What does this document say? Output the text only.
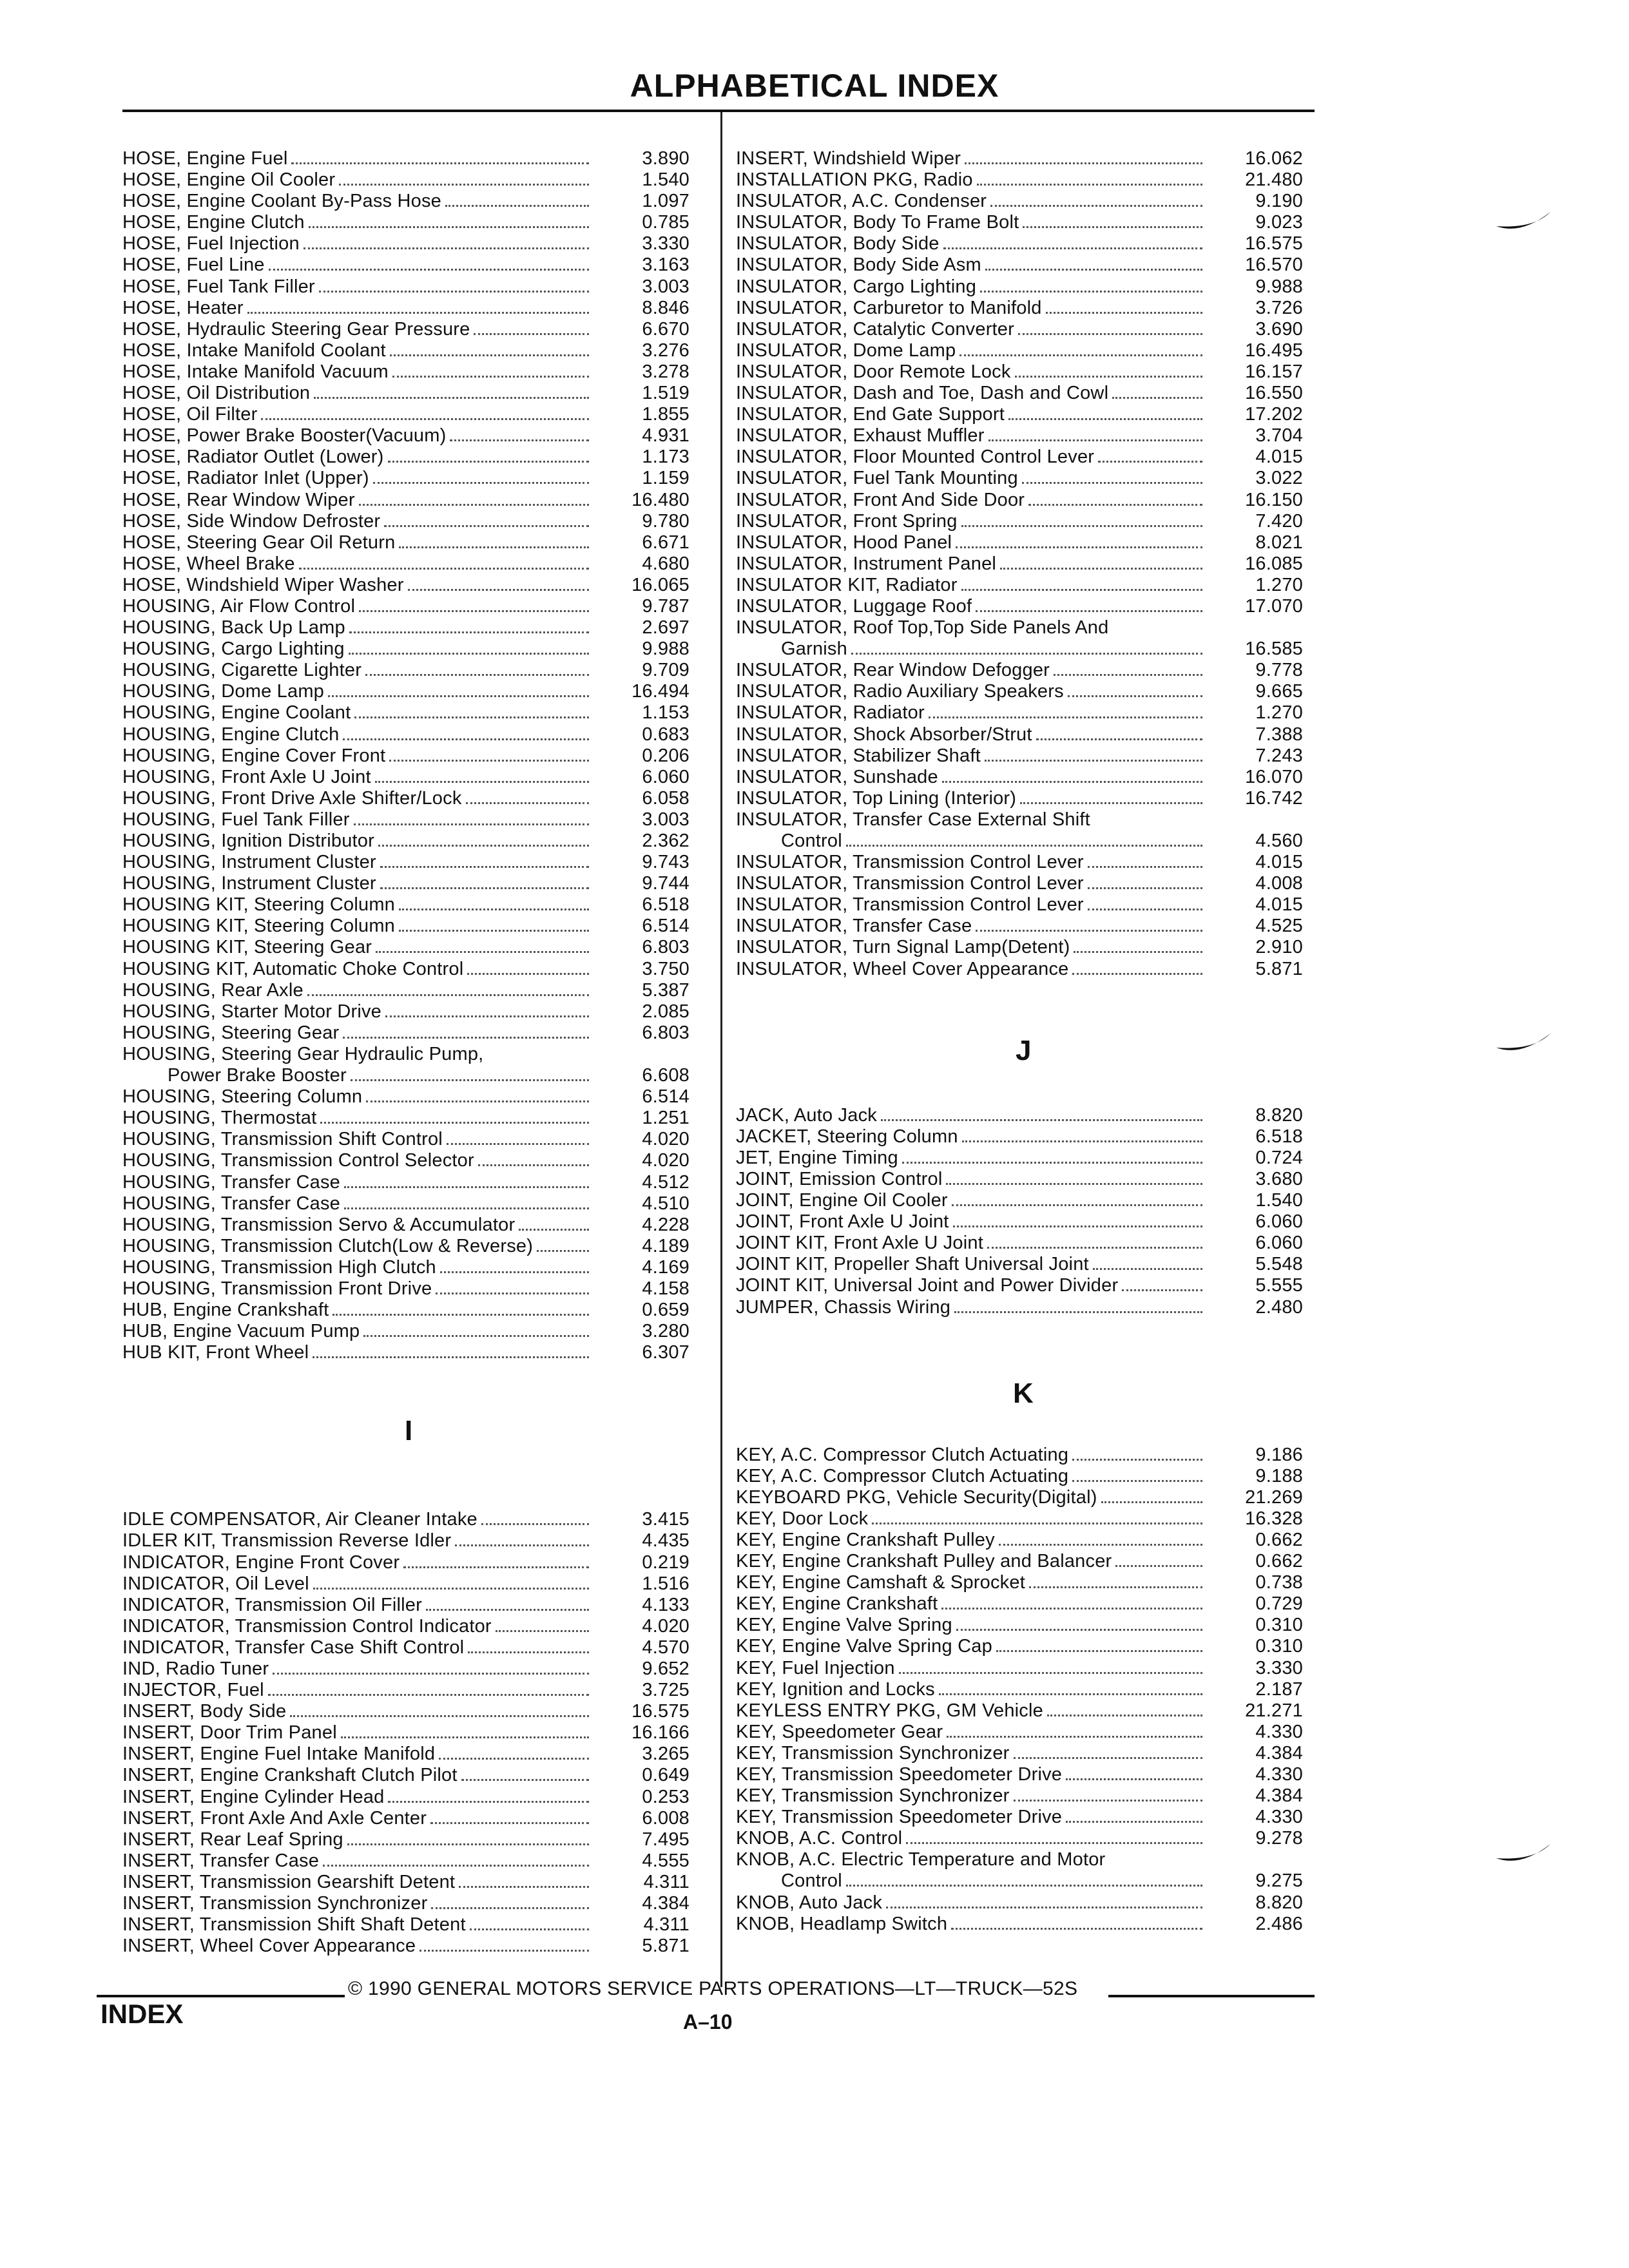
ALPHABETICAL INDEX
HOSE, Engine Fuel	3.890
HOSE, Engine Oil Cooler	1.540
HOSE, Engine Coolant By-Pass Hose	1.097
HOSE, Engine Clutch	0.785
HOSE, Fuel Injection	3.330
HOSE, Fuel Line	3.163
HOSE, Fuel Tank Filler	3.003
HOSE, Heater	8.846
HOSE, Hydraulic Steering Gear Pressure	6.670
HOSE, Intake Manifold Coolant	3.276
HOSE, Intake Manifold Vacuum	3.278
HOSE, Oil Distribution	1.519
HOSE, Oil Filter	1.855
HOSE, Power Brake Booster(Vacuum)	4.931
HOSE, Radiator Outlet (Lower)	1.173
HOSE, Radiator Inlet (Upper)	1.159
HOSE, Rear Window Wiper	16.480
HOSE, Side Window Defroster	9.780
HOSE, Steering Gear Oil Return	6.671
HOSE, Wheel Brake	4.680
HOSE, Windshield Wiper Washer	16.065
HOUSING, Air Flow Control	9.787
HOUSING, Back Up Lamp	2.697
HOUSING, Cargo Lighting	9.988
HOUSING, Cigarette Lighter	9.709
HOUSING, Dome Lamp	16.494
HOUSING, Engine Coolant	1.153
HOUSING, Engine Clutch	0.683
HOUSING, Engine Cover Front	0.206
HOUSING, Front Axle U Joint	6.060
HOUSING, Front Drive Axle Shifter/Lock	6.058
HOUSING, Fuel Tank Filler	3.003
HOUSING, Ignition Distributor	2.362
HOUSING, Instrument Cluster	9.743
HOUSING, Instrument Cluster	9.744
HOUSING KIT, Steering Column	6.518
HOUSING KIT, Steering Column	6.514
HOUSING KIT, Steering Gear	6.803
HOUSING KIT, Automatic Choke Control	3.750
HOUSING, Rear Axle	5.387
HOUSING, Starter Motor Drive	2.085
HOUSING, Steering Gear	6.803
HOUSING, Steering Gear Hydraulic Pump,
Power Brake Booster	6.608
HOUSING, Steering Column	6.514
HOUSING, Thermostat	1.251
HOUSING, Transmission Shift Control	4.020
HOUSING, Transmission Control Selector	4.020
HOUSING, Transfer Case	4.512
HOUSING, Transfer Case	4.510
HOUSING, Transmission Servo & Accumulator	4.228
HOUSING, Transmission Clutch(Low & Reverse)	4.189
HOUSING, Transmission High Clutch	4.169
HOUSING, Transmission Front Drive	4.158
HUB, Engine Crankshaft	0.659
HUB, Engine Vacuum Pump	3.280
HUB KIT, Front Wheel	6.307
IDLE COMPENSATOR, Air Cleaner Intake	3.415
IDLER KIT, Transmission Reverse Idler	4.435
INDICATOR, Engine Front Cover	0.219
INDICATOR, Oil Level	1.516
INDICATOR, Transmission Oil Filler	4.133
INDICATOR, Transmission Control Indicator	4.020
INDICATOR, Transfer Case Shift Control	4.570
IND, Radio Tuner	9.652
INJECTOR, Fuel	3.725
INSERT, Body Side	16.575
INSERT, Door Trim Panel	16.166
INSERT, Engine Fuel Intake Manifold	3.265
INSERT, Engine Crankshaft Clutch Pilot	0.649
INSERT, Engine Cylinder Head	0.253
INSERT, Front Axle And Axle Center	6.008
INSERT, Rear Leaf Spring	7.495
INSERT, Transfer Case	4.555
INSERT, Transmission Gearshift Detent	4.311
INSERT, Transmission Synchronizer	4.384
INSERT, Transmission Shift Shaft Detent	4.311
INSERT, Wheel Cover Appearance	5.871
INSERT, Windshield Wiper	16.062
INSTALLATION PKG, Radio	21.480
INSULATOR, A.C. Condenser	9.190
INSULATOR, Body To Frame Bolt	9.023
INSULATOR, Body Side	16.575
INSULATOR, Body Side Asm	16.570
INSULATOR, Cargo Lighting	9.988
INSULATOR, Carburetor to Manifold	3.726
INSULATOR, Catalytic Converter	3.690
INSULATOR, Dome Lamp	16.495
INSULATOR, Door Remote Lock	16.157
INSULATOR, Dash and Toe, Dash and Cowl	16.550
INSULATOR, End Gate Support	17.202
INSULATOR, Exhaust Muffler	3.704
INSULATOR, Floor Mounted Control Lever	4.015
INSULATOR, Fuel Tank Mounting	3.022
INSULATOR, Front And Side Door	16.150
INSULATOR, Front Spring	7.420
INSULATOR, Hood Panel	8.021
INSULATOR, Instrument Panel	16.085
INSULATOR KIT, Radiator	1.270
INSULATOR, Luggage Roof	17.070
INSULATOR, Roof Top,Top Side Panels And
Garnish	16.585
INSULATOR, Rear Window Defogger	9.778
INSULATOR, Radio Auxiliary Speakers	9.665
INSULATOR, Radiator	1.270
INSULATOR, Shock Absorber/Strut	7.388
INSULATOR, Stabilizer Shaft	7.243
INSULATOR, Sunshade	16.070
INSULATOR, Top Lining (Interior)	16.742
INSULATOR, Transfer Case External Shift
Control	4.560
INSULATOR, Transmission Control Lever	4.015
INSULATOR, Transmission Control Lever	4.008
INSULATOR, Transmission Control Lever	4.015
INSULATOR, Transfer Case	4.525
INSULATOR, Turn Signal Lamp(Detent)	2.910
INSULATOR, Wheel Cover Appearance	5.871
JACK, Auto Jack	8.820
JACKET, Steering Column	6.518
JET, Engine Timing	0.724
JOINT, Emission Control	3.680
JOINT, Engine Oil Cooler	1.540
JOINT, Front Axle U Joint	6.060
JOINT KIT, Front Axle U Joint	6.060
JOINT KIT, Propeller Shaft Universal Joint	5.548
JOINT KIT, Universal Joint and Power Divider	5.555
JUMPER, Chassis Wiring	2.480
KEY, A.C. Compressor Clutch Actuating	9.186
KEY, A.C. Compressor Clutch Actuating	9.188
KEYBOARD PKG, Vehicle Security(Digital)	21.269
KEY, Door Lock	16.328
KEY, Engine Crankshaft Pulley	0.662
KEY, Engine Crankshaft Pulley and Balancer	0.662
KEY, Engine Camshaft & Sprocket	0.738
KEY, Engine Crankshaft	0.729
KEY, Engine Valve Spring	0.310
KEY, Engine Valve Spring Cap	0.310
KEY, Fuel Injection	3.330
KEY, Ignition and Locks	2.187
KEYLESS ENTRY PKG, GM Vehicle	21.271
KEY, Speedometer Gear	4.330
KEY, Transmission Synchronizer	4.384
KEY, Transmission Speedometer Drive	4.330
KEY, Transmission Synchronizer	4.384
KEY, Transmission Speedometer Drive	4.330
KNOB, A.C. Control	9.278
KNOB, A.C. Electric Temperature and Motor
Control	9.275
KNOB, Auto Jack	8.820
KNOB, Headlamp Switch	2.486
I
J
K
© 1990 GENERAL MOTORS SERVICE PARTS OPERATIONS—LT—TRUCK—52S
INDEX	A–10
